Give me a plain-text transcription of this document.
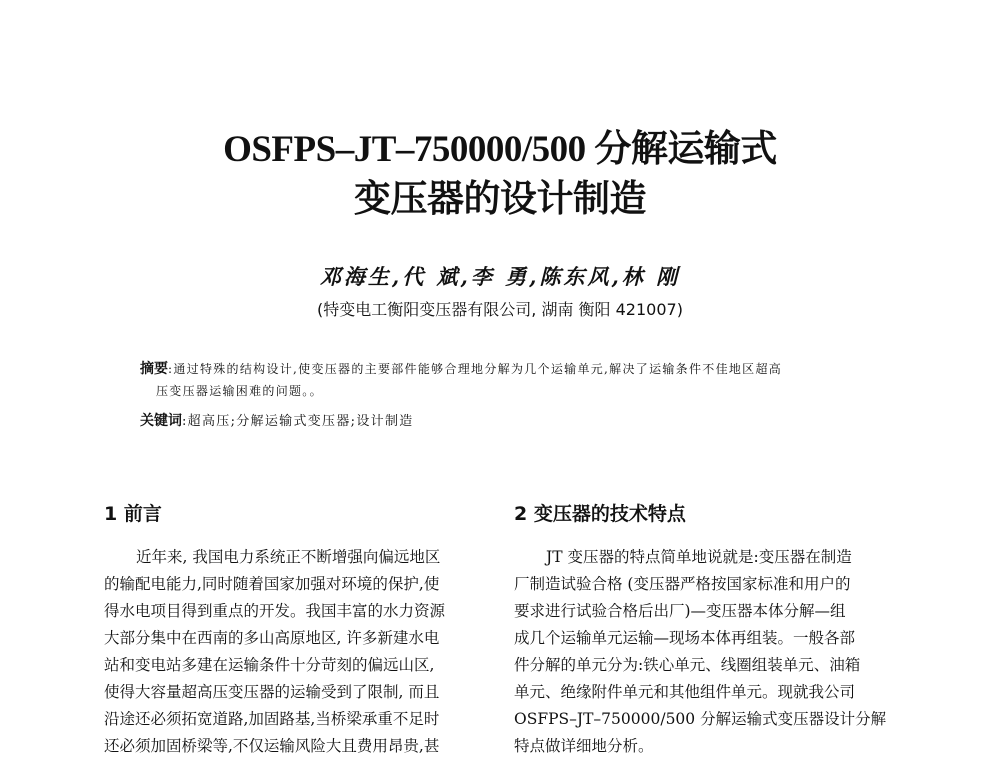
OSFPS–JT–750000/500 分解运输式
变压器的设计制造

邓海生,代 斌,李 勇,陈东风,林 刚

(特变电工衡阳变压器有限公司, 湖南 衡阳 421007)

摘要:通过特殊的结构设计,使变压器的主要部件能够合理地分解为几个运输单元,解决了运输条件不佳地区超高
压变压器运输困难的问题。。

关键词:超高压;分解运输式变压器;设计制造

1 前言	2 变压器的技术特点
近年来, 我国电力系统正不断增强向偏远地区
的输配电能力,同时随着国家加强对环境的保护,使
得水电项目得到重点的开发。我国丰富的水力资源
大部分集中在西南的多山高原地区, 许多新建水电
站和变电站多建在运输条件十分苛刻的偏远山区,
使得大容量超高压变压器的运输受到了限制, 而且
沿途还必须拓宽道路,加固路基,当桥梁承重不足时
还必须加固桥梁等,不仅运输风险大且费用昂贵,甚
JT 变压器的特点简单地说就是:变压器在制造
厂制造试验合格 (变压器严格按国家标准和用户的
要求进行试验合格后出厂)—变压器本体分解—组
成几个运输单元运输—现场本体再组装。一般各部
件分解的单元分为:铁心单元、线圈组装单元、油箱
单元、绝缘附件单元和其他组件单元。现就我公司
OSFPS–JT–750000/500 分解运输式变压器设计分解
特点做详细地分析。
